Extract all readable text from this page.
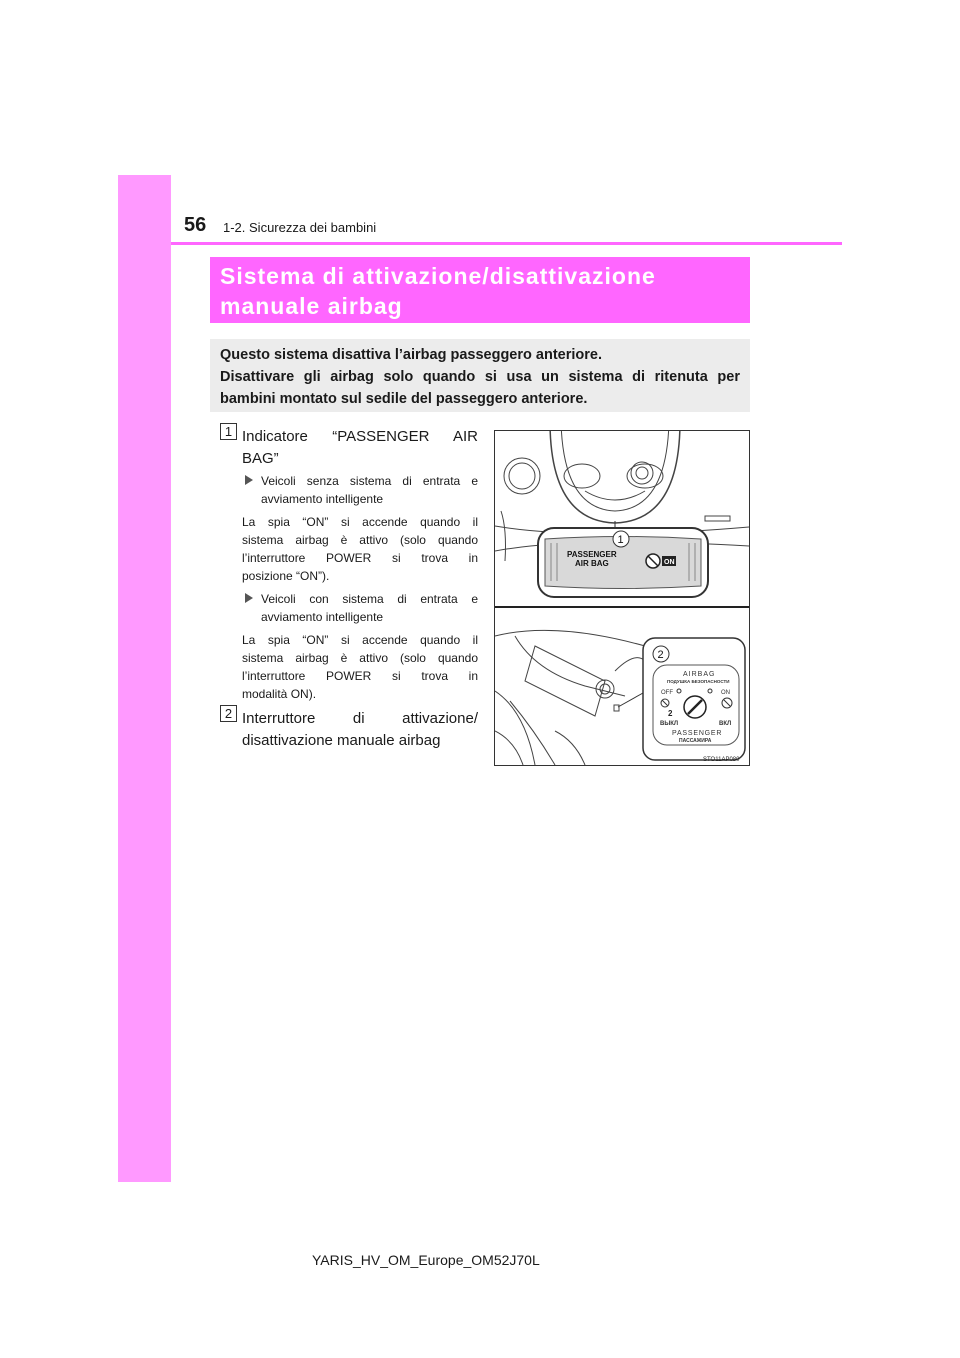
56 1-2. Sicurezza dei bambini
Sistema di attivazione/disattivazione
manuale airbag
Questo sistema disattiva l’airbag passeggero anteriore.
Disattivare gli airbag solo quando si usa un sistema di ritenuta per
bambini montato sul sedile del passeggero anteriore.
1 Indicatore “PASSENGER AIR
BAG”
Veicoli senza sistema di entrata e
avviamento intelligente
La spia “ON” si accende quando il
sistema airbag è attivo (solo quando
l’interruttore POWER si trova in
posizione “ON”).
Veicoli con sistema di entrata e
avviamento intelligente
La spia “ON” si accende quando il
sistema airbag è attivo (solo quando
l’interruttore POWER si trova in
modalità ON).
2 Interruttore di attivazione/
disattivazione manuale airbag
PASSENGER
AIR BAG	ON
1
2
AIRBAG
ПОДУШКА БЕЗОПАСНОСТИ
OFF	ON
2
ВЫКЛ	ВКЛ
PASSENGER
ПАССАЖИРА
STO11AP080
YARIS_HV_OM_Europe_OM52J70L
